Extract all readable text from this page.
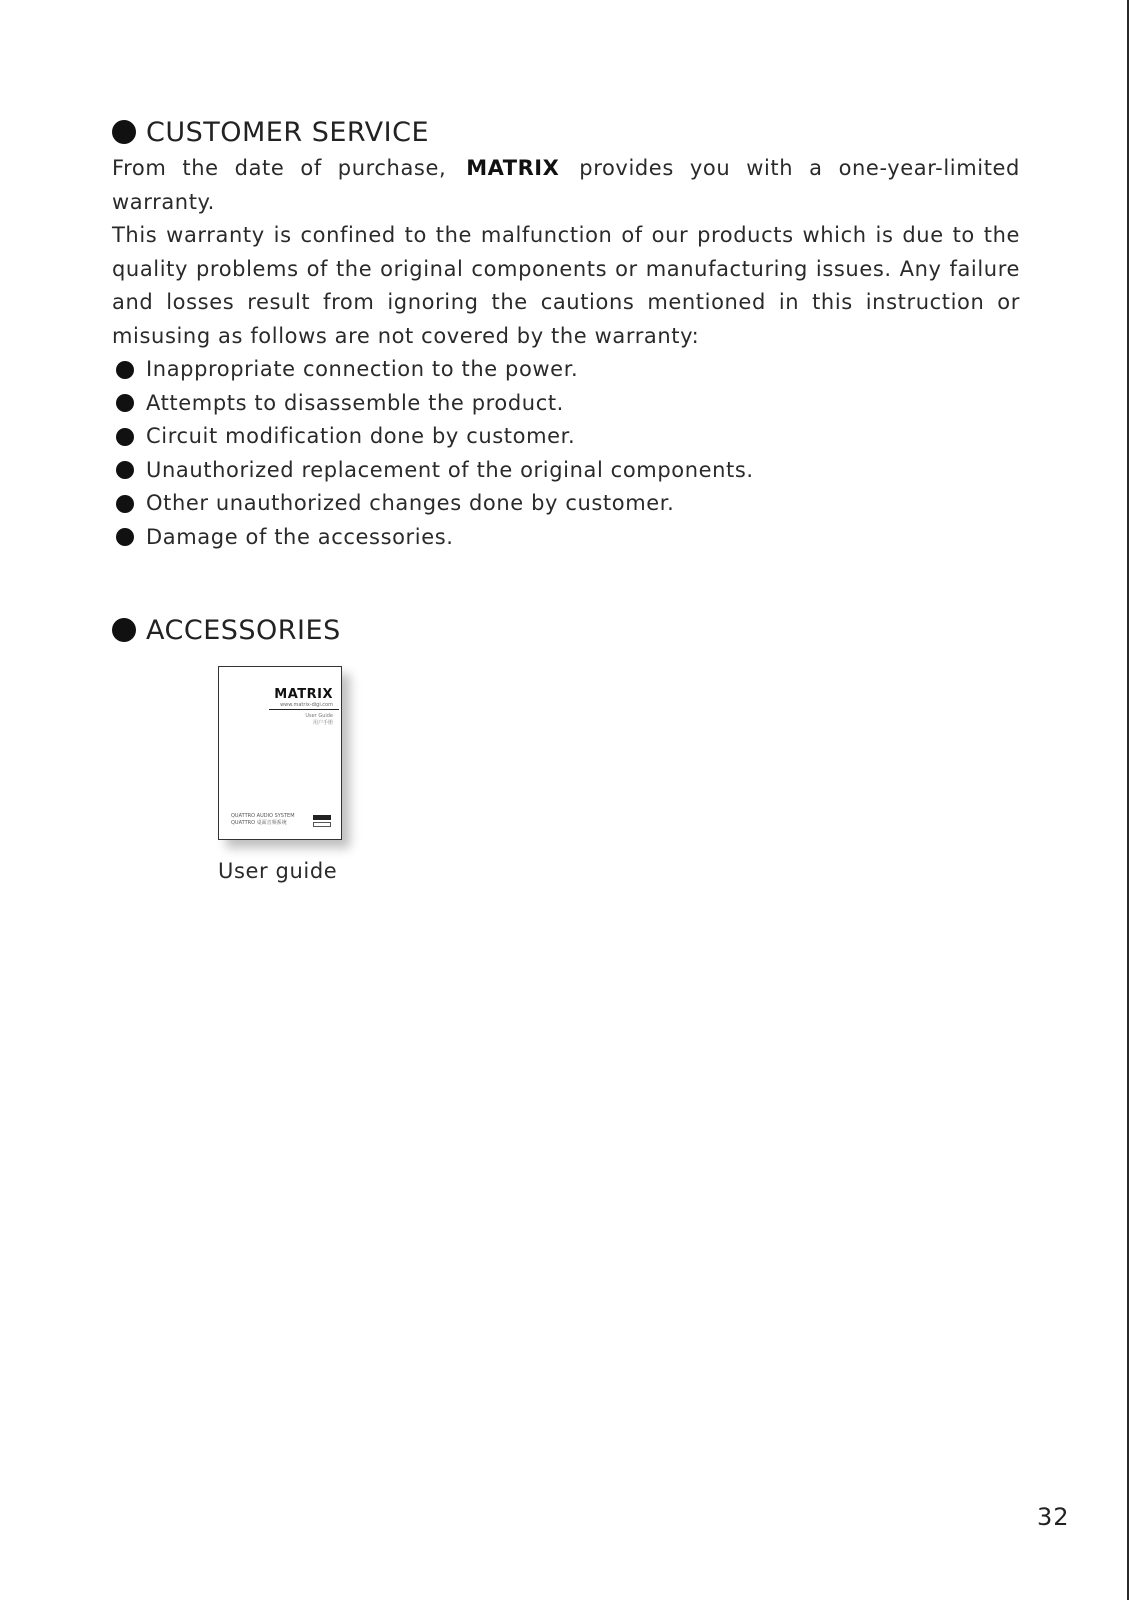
CUSTOMER SERVICE

From the date of purchase, MATRIX provides you with a one-year-limited warranty.

This warranty is confined to the malfunction of our products which is due to the quality problems of the original components or manufacturing issues. Any failure and losses result from ignoring the cautions mentioned in this instruction or misusing as follows are not covered by the warranty:

Inappropriate connection to the power.
Attempts to disassemble the product.
Circuit modification done by customer.
Unauthorized replacement of the original components.
Other unauthorized changes done by customer.
Damage of the accessories.
ACCESSORIES
MATRIX
www.matrix-digi.com
User Guide
用户手册
QUATTRO AUDIO SYSTEM
QUATTRO 桌面音频系统
User guide
32
